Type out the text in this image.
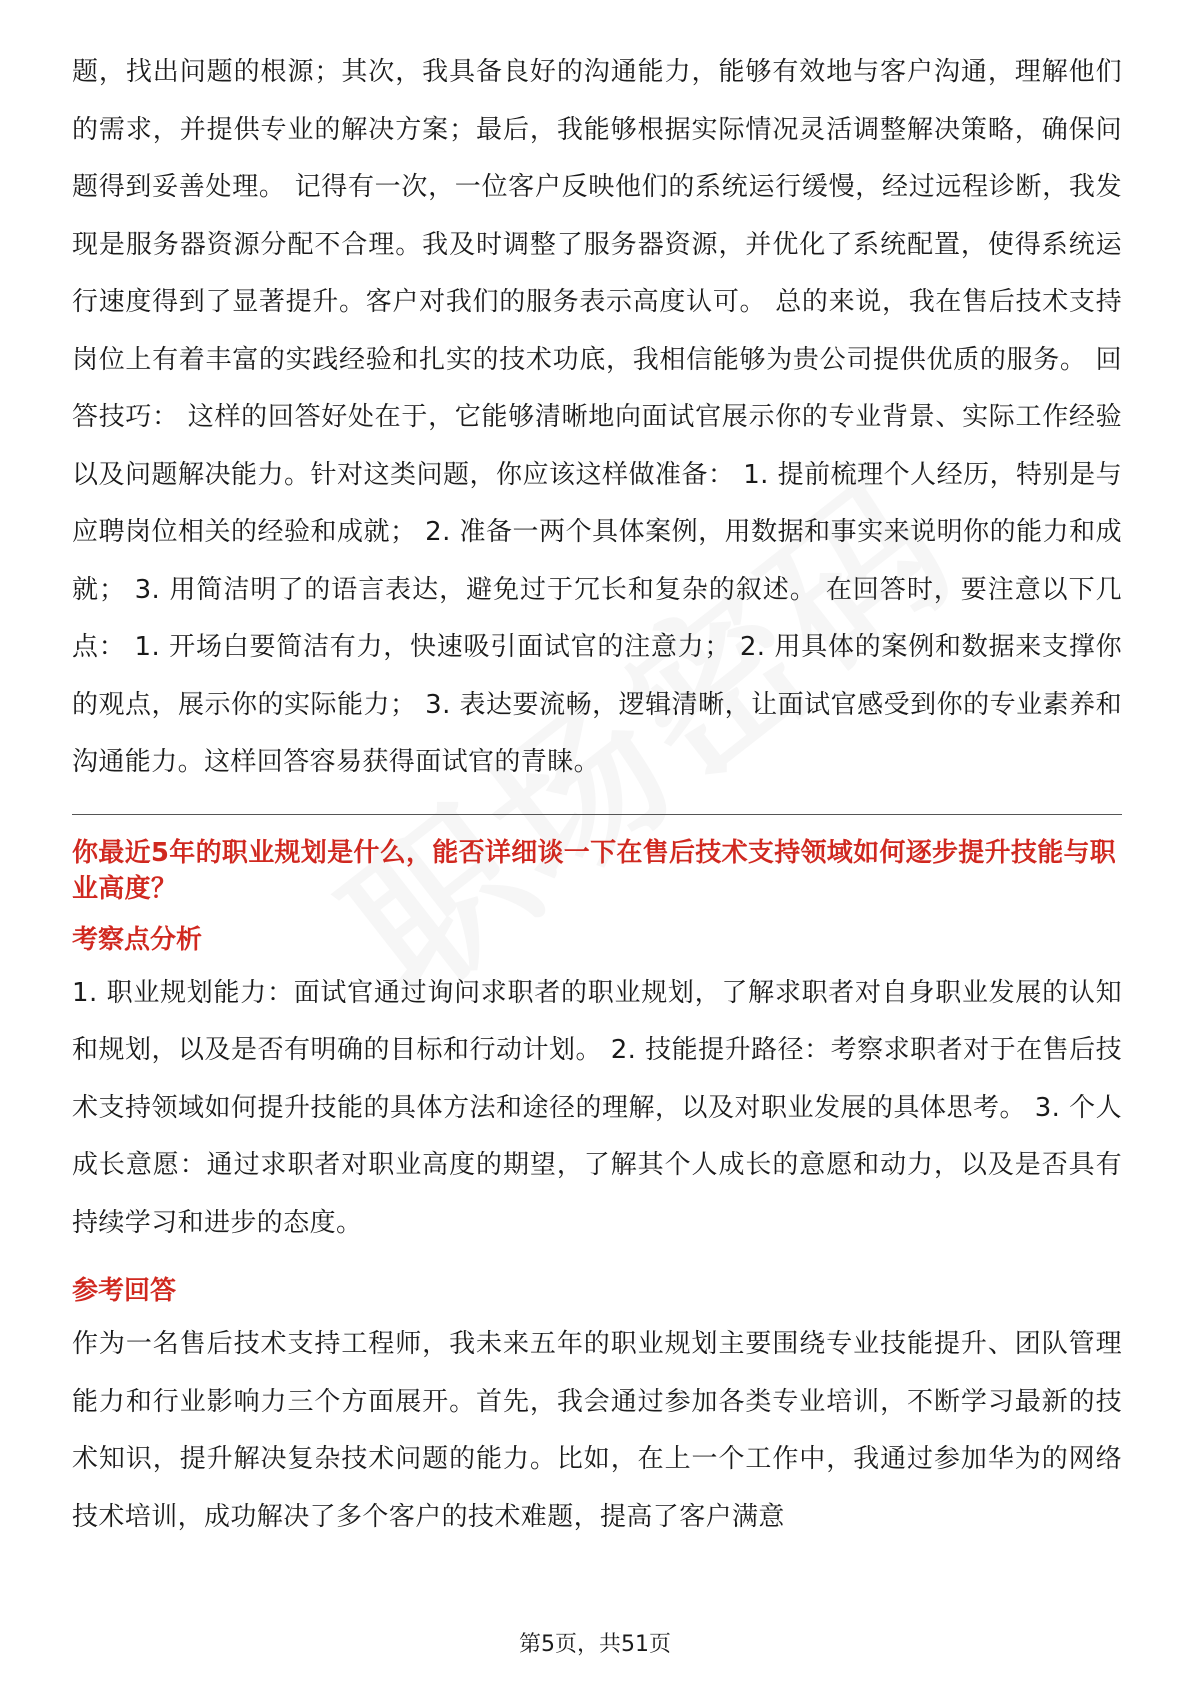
题，找出问题的根源；其次，我具备良好的沟通能力，能够有效地与客户沟通，理解他们的需求，并提供专业的解决方案；最后，我能够根据实际情况灵活调整解决策略，确保问题得到妥善处理。 记得有一次，一位客户反映他们的系统运行缓慢，经过远程诊断，我发现是服务器资源分配不合理。我及时调整了服务器资源，并优化了系统配置，使得系统运行速度得到了显著提升。客户对我们的服务表示高度认可。 总的来说，我在售后技术支持岗位上有着丰富的实践经验和扎实的技术功底，我相信能够为贵公司提供优质的服务。 回答技巧： 这样的回答好处在于，它能够清晰地向面试官展示你的专业背景、实际工作经验以及问题解决能力。针对这类问题，你应该这样做准备： 1. 提前梳理个人经历，特别是与应聘岗位相关的经验和成就； 2. 准备一两个具体案例，用数据和事实来说明你的能力和成就； 3. 用简洁明了的语言表达，避免过于冗长和复杂的叙述。 在回答时，要注意以下几点： 1. 开场白要简洁有力，快速吸引面试官的注意力； 2. 用具体的案例和数据来支撑你的观点，展示你的实际能力； 3. 表达要流畅，逻辑清晰，让面试官感受到你的专业素养和沟通能力。这样回答容易获得面试官的青睐。

你最近5年的职业规划是什么，能否详细谈一下在售后技术支持领域如何逐步提升技能与职业高度？
考察点分析

1. 职业规划能力：面试官通过询问求职者的职业规划，了解求职者对自身职业发展的认知和规划，以及是否有明确的目标和行动计划。 2. 技能提升路径：考察求职者对于在售后技术支持领域如何提升技能的具体方法和途径的理解，以及对职业发展的具体思考。 3. 个人成长意愿：通过求职者对职业高度的期望，了解其个人成长的意愿和动力，以及是否具有持续学习和进步的态度。

参考回答

作为一名售后技术支持工程师，我未来五年的职业规划主要围绕专业技能提升、团队管理能力和行业影响力三个方面展开。首先，我会通过参加各类专业培训，不断学习最新的技术知识，提升解决复杂技术问题的能力。比如，在上一个工作中，我通过参加华为的网络技术培训，成功解决了多个客户的技术难题，提高了客户满意

第5页，共51页
